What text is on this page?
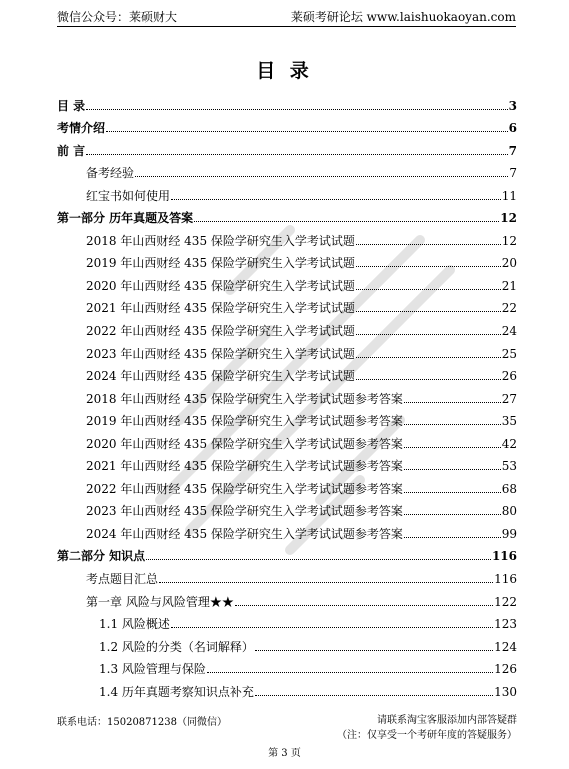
微信公众号：莱硕财大	莱硕考研论坛 www.laishuokaoyan.com
目 录
目 录	3
考情介绍	6
前 言	7
备考经验	7
红宝书如何使用	11
第一部分 历年真题及答案	12
2018 年山西财经 435 保险学研究生入学考试试题	12
2019 年山西财经 435 保险学研究生入学考试试题	20
2020 年山西财经 435 保险学研究生入学考试试题	21
2021 年山西财经 435 保险学研究生入学考试试题	22
2022 年山西财经 435 保险学研究生入学考试试题	24
2023 年山西财经 435 保险学研究生入学考试试题	25
2024 年山西财经 435 保险学研究生入学考试试题	26
2018 年山西财经 435 保险学研究生入学考试试题参考答案	27
2019 年山西财经 435 保险学研究生入学考试试题参考答案	35
2020 年山西财经 435 保险学研究生入学考试试题参考答案	42
2021 年山西财经 435 保险学研究生入学考试试题参考答案	53
2022 年山西财经 435 保险学研究生入学考试试题参考答案	68
2023 年山西财经 435 保险学研究生入学考试试题参考答案	80
2024 年山西财经 435 保险学研究生入学考试试题参考答案	99
第二部分 知识点	116
考点题目汇总	116
第一章 风险与风险管理★★	122
1.1 风险概述	123
1.2 风险的分类（名词解释）	124
1.3 风险管理与保险	126
1.4 历年真题考察知识点补充	130
联系电话：15020871238（同微信）	请联系淘宝客服添加内部答疑群
（注：仅享受一个考研年度的答疑服务）
第 3 页
